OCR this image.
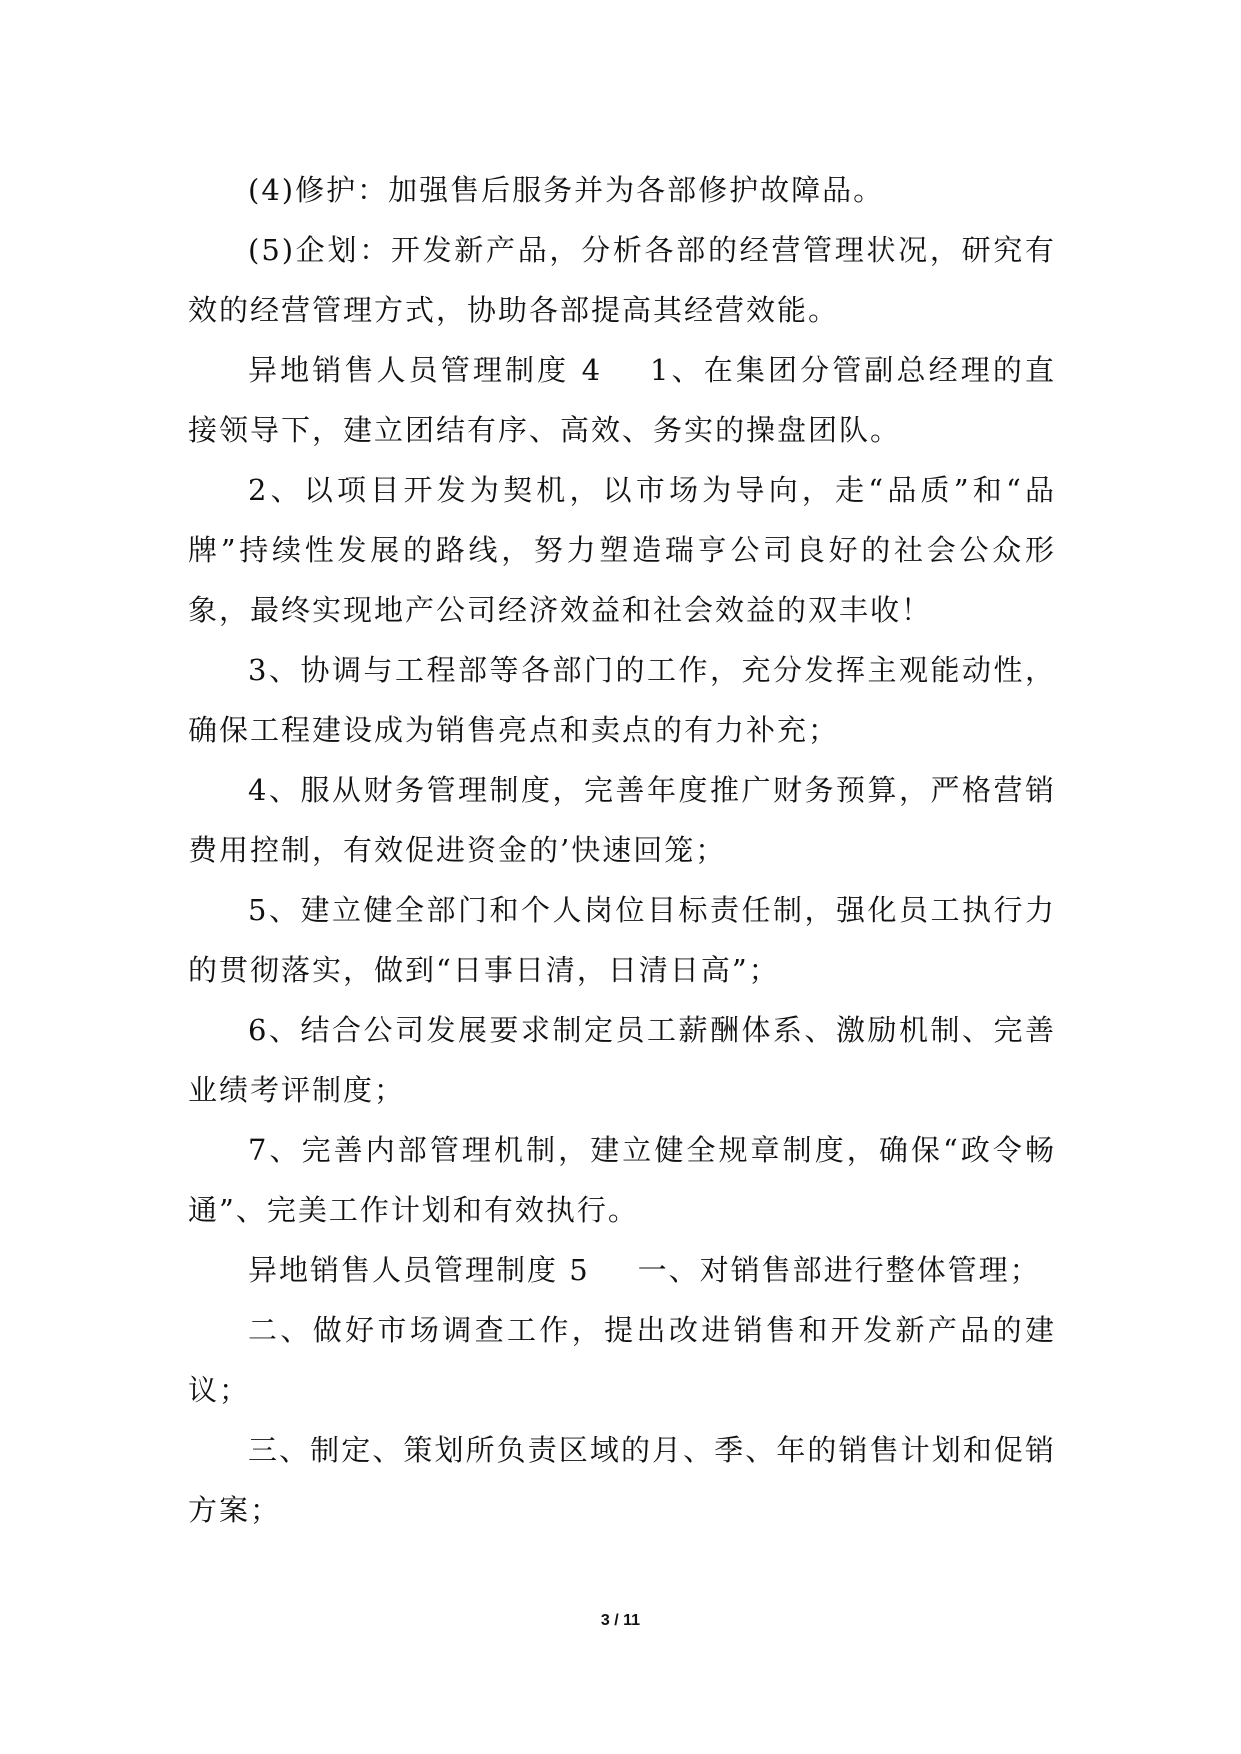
(4)修护：加强售后服务并为各部修护故障品。

(5)企划：开发新产品，分析各部的经营管理状况，研究有效的经营管理方式，协助各部提高其经营效能。

异地销售人员管理制度 4 1、在集团分管副总经理的直接领导下，建立团结有序、高效、务实的操盘团队。

2、以项目开发为契机，以市场为导向，走“品质”和“品牌”持续性发展的路线，努力塑造瑞亨公司良好的社会公众形象，最终实现地产公司经济效益和社会效益的双丰收！

3、协调与工程部等各部门的工作，充分发挥主观能动性，确保工程建设成为销售亮点和卖点的有力补充；

4、服从财务管理制度，完善年度推广财务预算，严格营销费用控制，有效促进资金的’快速回笼；

5、建立健全部门和个人岗位目标责任制，强化员工执行力的贯彻落实，做到“日事日清，日清日高”；

6、结合公司发展要求制定员工薪酬体系、激励机制、完善业绩考评制度；

7、完善内部管理机制，建立健全规章制度，确保“政令畅通”、完美工作计划和有效执行。

异地销售人员管理制度 5 一、对销售部进行整体管理；

二、做好市场调查工作，提出改进销售和开发新产品的建议；

三、制定、策划所负责区域的月、季、年的销售计划和促销方案；

3 / 11
